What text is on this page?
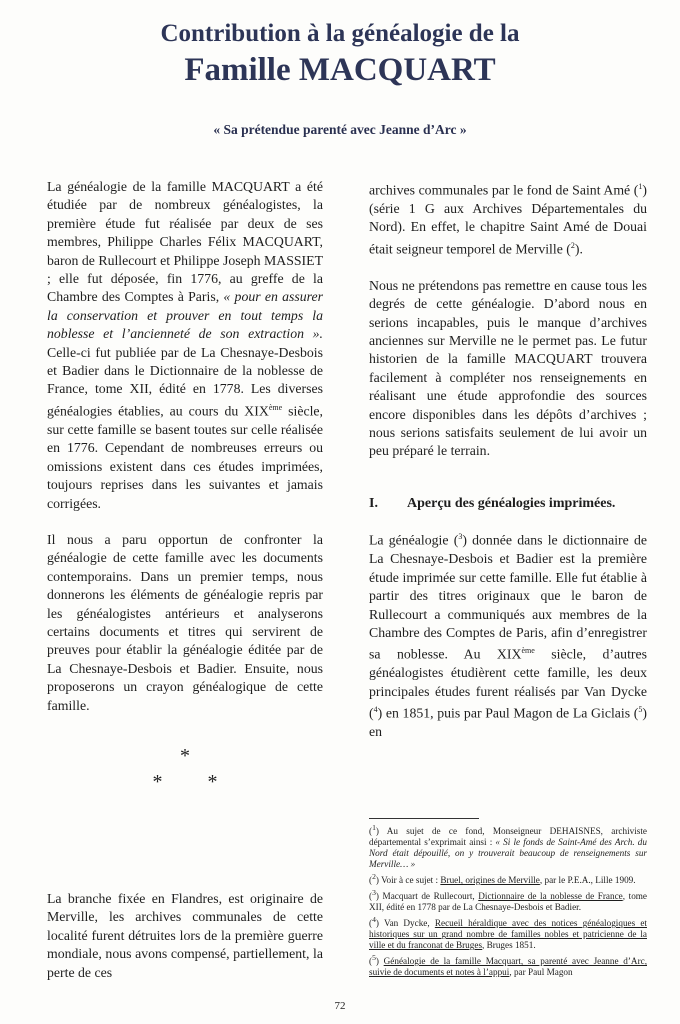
Contribution à la généalogie de la
Famille MACQUART

« Sa prétendue parenté avec Jeanne d’Arc »

La généalogie de la famille MACQUART a été étudiée par de nombreux généalogistes, la première étude fut réalisée par deux de ses membres, Philippe Charles Félix MACQUART, baron de Rullecourt et Philippe Joseph MASSIET ; elle fut déposée, fin 1776, au greffe de la Chambre des Comptes à Paris, « pour en assurer la conservation et prouver en tout temps la noblesse et l’ancienneté de son extraction ». Celle-ci fut publiée par de La Chesnaye-Desbois et Badier dans le Dictionnaire de la noblesse de France, tome XII, édité en 1778. Les diverses généalogies établies, au cours du XIXème siècle, sur cette famille se basent toutes sur celle réalisée en 1776. Cependant de nombreuses erreurs ou omissions existent dans ces études imprimées, toujours reprises dans les suivantes et jamais corrigées.

Il nous a paru opportun de confronter la généalogie de cette famille avec les documents contemporains. Dans un premier temps, nous donnerons les éléments de généalogie repris par les généalogistes antérieurs et analyserons certains documents et titres qui servirent de preuves pour établir la généalogie éditée par de La Chesnaye-Desbois et Badier. Ensuite, nous proposerons un crayon généalogique de cette famille.

*
* *

La branche fixée en Flandres, est originaire de Merville, les archives communales de cette localité furent détruites lors de la première guerre mondiale, nous avons compensé, partiellement, la perte de ces

archives communales par le fond de Saint Amé ($^1$) (série 1 G aux Archives Départementales du Nord). En effet, le chapitre Saint Amé de Douai était seigneur temporel de Merville ($^2$).

Nous ne prétendons pas remettre en cause tous les degrés de cette généalogie. D’abord nous en serions incapables, puis le manque d’archives anciennes sur Merville ne le permet pas. Le futur historien de la famille MACQUART trouvera facilement à compléter nos renseignements en réalisant une étude approfondie des sources encore disponibles dans les dépôts d’archives ; nous serions satisfaits seulement de lui avoir un peu préparé le terrain.

I.	Aperçu des généalogies imprimées.

La généalogie ($^3$) donnée dans le dictionnaire de La Chesnaye-Desbois et Badier est la première étude imprimée sur cette famille. Elle fut établie à partir des titres originaux que le baron de Rullecourt a communiqués aux membres de la Chambre des Comptes de Paris, afin d’enregistrer sa noblesse. Au XIXème siècle, d’autres généalogistes étudièrent cette famille, les deux principales études furent réalisés par Van Dycke ($^4$) en 1851, puis par Paul Magon de La Giclais ($^5$) en

($^1$) Au sujet de ce fond, Monseigneur DEHAISNES, archiviste départemental s’exprimait ainsi : « Si le fonds de Saint-Amé des Arch. du Nord était dépouillé, on y trouverait beaucoup de renseignements sur Merville… »

($^2$) Voir à ce sujet : Bruel, origines de Merville, par le P.E.A., Lille 1909.

($^3$) Macquart de Rullecourt, Dictionnaire de la noblesse de France, tome XII, édité en 1778 par de La Chesnaye-Desbois et Badier.

($^4$) Van Dycke, Recueil héraldique avec des notices généalogiques et historiques sur un grand nombre de familles nobles et patricienne de la ville et du franconat de Bruges, Bruges 1851.

($^5$) Généalogie de la famille Macquart, sa parenté avec Jeanne d’Arc, suivie de documents et notes à l’appui, par Paul Magon

72
